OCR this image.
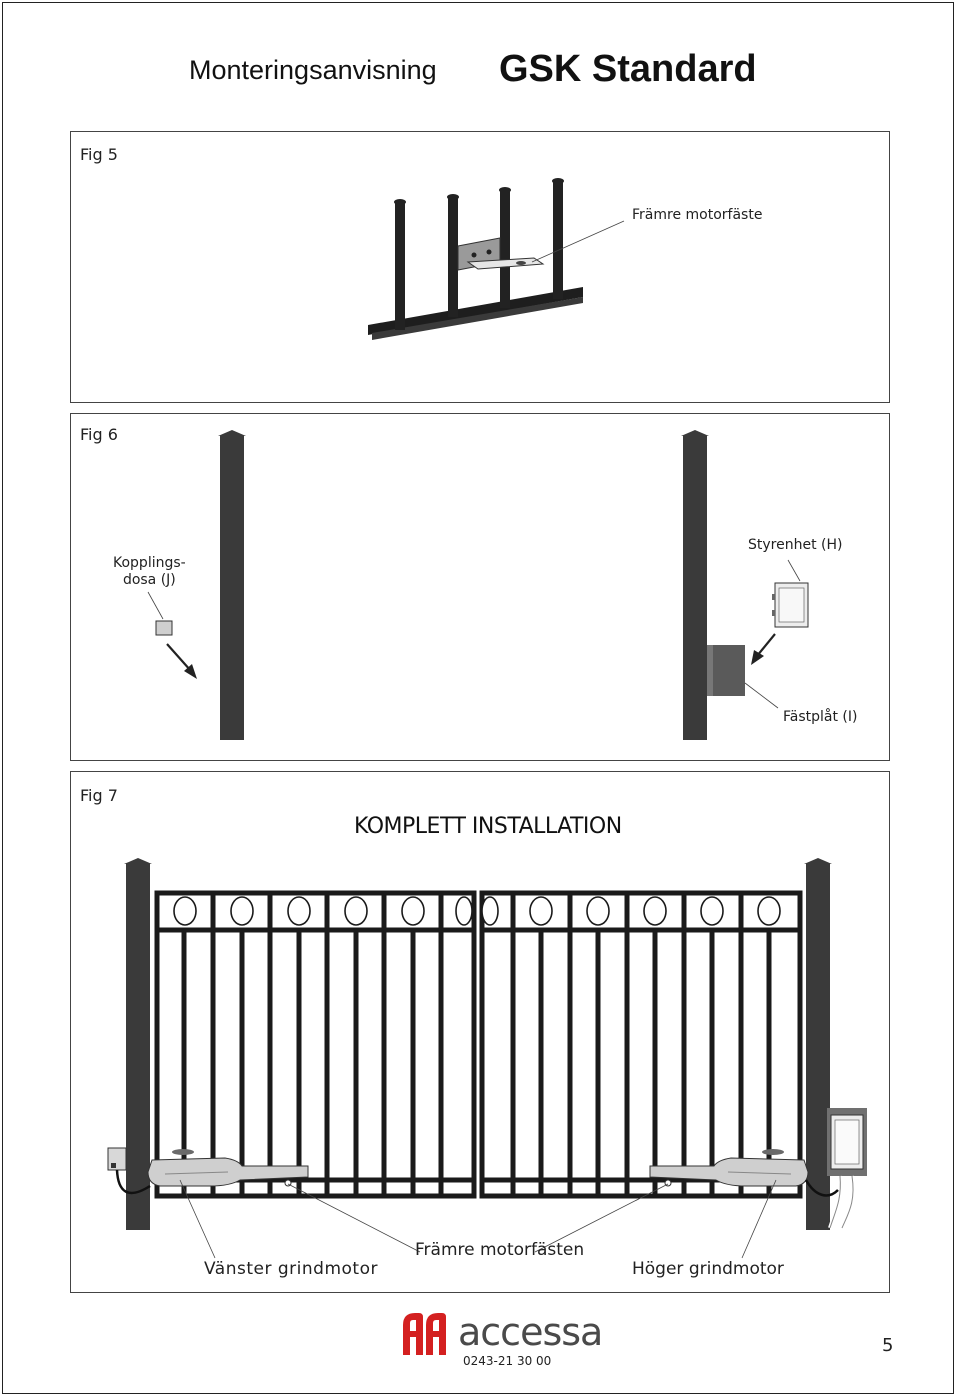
Monteringsanvisning GSK Standard
Fig 5
Främre motorfäste
Fig 6
Kopplings-
dosa (J)
Styrenhet (H)
Fästplåt (I)
Fig 7
KOMPLETT INSTALLATION
Vänster grindmotor
Främre motorfästen
Höger grindmotor
accessa
0243-21 30 00
5
